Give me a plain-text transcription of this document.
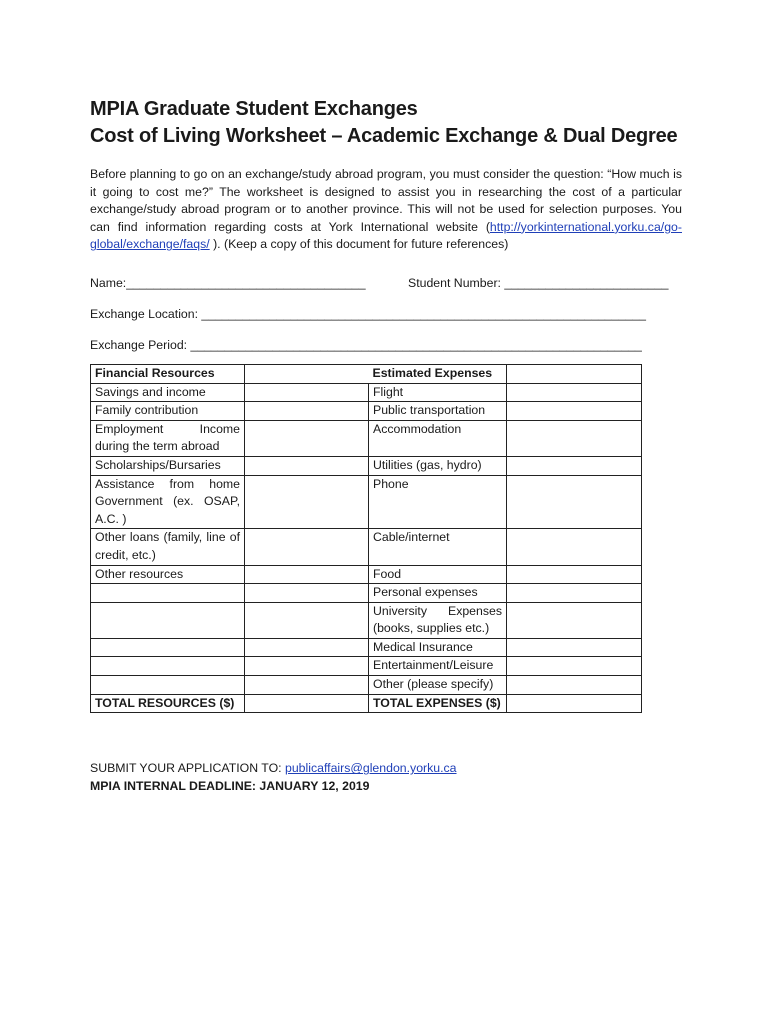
MPIA Graduate Student Exchanges
Cost of Living Worksheet – Academic Exchange & Dual Degree
Before planning to go on an exchange/study abroad program, you must consider the question: “How much is it going to cost me?” The worksheet is designed to assist you in researching the cost of a particular exchange/study abroad program or to another province. This will not be used for selection purposes. You can find information regarding costs at York International website (http://yorkinternational.yorku.ca/go-global/exchange/faqs/ ). (Keep a copy of this document for future references)
Name:___________________________________	Student Number: ________________________
Exchange Location: _________________________________________________________________
Exchange Period: __________________________________________________________________
Financial Resources		Estimated Expenses	
Savings and income		Flight	
Family contribution		Public transportation	
Employment Income during the term abroad		Accommodation	
Scholarships/Bursaries		Utilities (gas, hydro)	
Assistance from home Government (ex. OSAP, A.C. )		Phone	
Other loans (family, line of credit, etc.)		Cable/internet	
Other resources		Food	
		Personal expenses	
		University Expenses (books, supplies etc.)	
		Medical Insurance	
		Entertainment/Leisure	
		Other (please specify)	
TOTAL RESOURCES ($)		TOTAL EXPENSES ($)	
SUBMIT YOUR APPLICATION TO: publicaffairs@glendon.yorku.ca
MPIA INTERNAL DEADLINE: JANUARY 12, 2019
